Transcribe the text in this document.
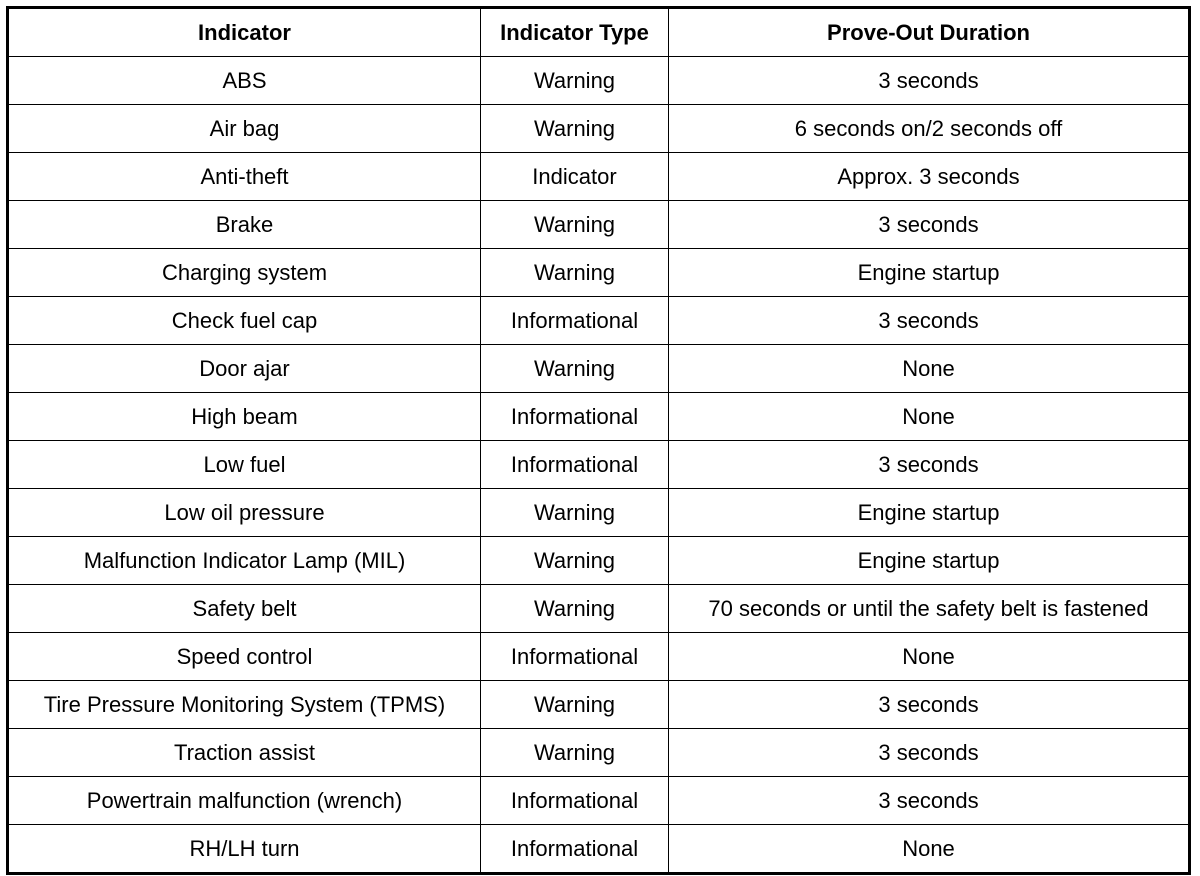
Indicator	Indicator Type	Prove-Out Duration
ABS	Warning	3 seconds
Air bag	Warning	6 seconds on/2 seconds off
Anti-theft	Indicator	Approx. 3 seconds
Brake	Warning	3 seconds
Charging system	Warning	Engine startup
Check fuel cap	Informational	3 seconds
Door ajar	Warning	None
High beam	Informational	None
Low fuel	Informational	3 seconds
Low oil pressure	Warning	Engine startup
Malfunction Indicator Lamp (MIL)	Warning	Engine startup
Safety belt	Warning	70 seconds or until the safety belt is fastened
Speed control	Informational	None
Tire Pressure Monitoring System (TPMS)	Warning	3 seconds
Traction assist	Warning	3 seconds
Powertrain malfunction (wrench)	Informational	3 seconds
RH/LH turn	Informational	None
